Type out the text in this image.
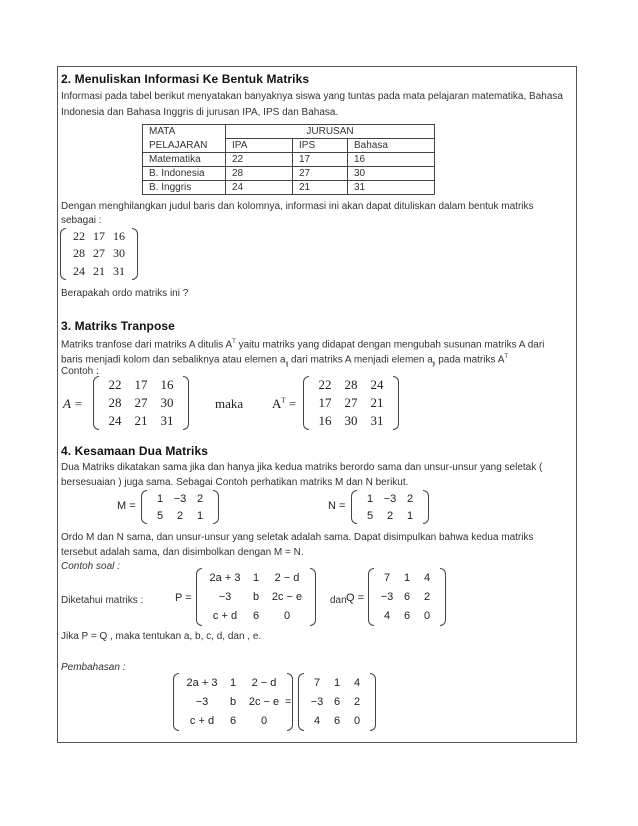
2. Menuliskan Informasi Ke Bentuk Matriks
Informasi pada tabel berikut menyatakan banyaknya siswa yang tuntas pada mata pelajaran matematika, Bahasa
Indonesia dan Bahasa Inggris di jurusan IPA, IPS dan Bahasa.
MATA	JURUSAN		
PELAJARAN	IPA	IPS	Bahasa
Matematika	22	17	16
B. Indonesia	28	27	30
B. Inggris	24	21	31
Dengan menghilangkan judul baris dan kolomnya, informasi ini akan dapat dituliskan dalam bentuk matriks
sebagai :
22 17 16
28 27 30
24 21 31
Berapakah ordo matriks ini ?
3. Matriks Tranpose
Matriks tranfose dari matriks A ditulis $A^T$ yaitu matriks yang didapat dengan mengubah susunan matriks A dari
baris menjadi kolom dan sebaliknya atau elemen $a_{ij}$ dari matriks A menjadi elemen $a_{ji}$ pada matriks $A^T$
Contoh :
A =
22	17	16
28	27	30
24	21	31
maka $A^T$ =
22	28	24
17	27	21
16	30	31
4. Kesamaan Dua Matriks
Dua Matriks dikatakan sama jika dan hanya jika kedua matriks berordo sama dan unsur-unsur yang seletak (
bersesuaian ) juga sama. Sebagai Contoh perhatikan matriks M dan N berikut.
M =
1 −3 2
5	2	1
N =
1 −3 2
5	2	1
Ordo M dan N sama, dan unsur-unsur yang seletak adalah sama. Dapat disimpulkan bahwa kedua matriks
tersebut adalah sama, dan disimbolkan dengan M = N.
Contoh soal :
Diketahui matriks :	P =
2a + 3	1	2 − d
−3	b	2c − e
c + d	6	0
dan Q =
7	1	4
−3 6	2
4	6	0
Jika P = Q , maka tentukan a, b, c, d, dan , e.
Pembahasan :
2a + 3	1	2 − d
−3	b	2c − e
c + d	6	0
=
7	1	4
−3 6	2
4	6	0
